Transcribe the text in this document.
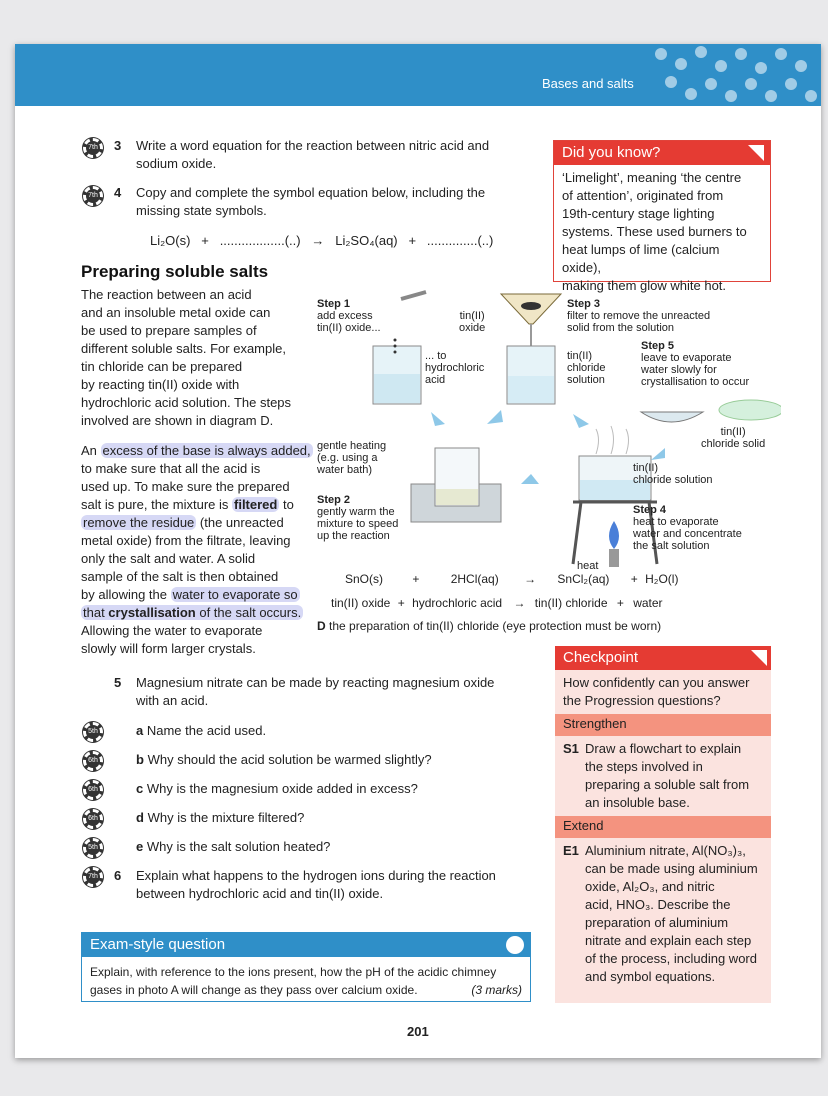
Bases and salts
7th	3 Write a word equation for the reaction between nitric acid and
sodium oxide.
7th	4 Copy and complete the symbol equation below, including the
missing state symbols.
Li₂O(s)   +   ..................(..)   →   Li₂SO₄(aq)   +   ..............(..)
Preparing soluble salts
The reaction between an acid
and an insoluble metal oxide can
be used to prepare samples of
different soluble salts. For example,
tin chloride can be prepared
by reacting tin(II) oxide with
hydrochloric acid solution. The steps
involved are shown in diagram D.
An excess of the base is always added,
to make sure that all the acid is
used up. To make sure the prepared
salt is pure, the mixture is filtered to
remove the residue (the unreacted
metal oxide) from the filtrate, leaving
only the salt and water. A solid
sample of the salt is then obtained
by allowing the water to evaporate so
that crystallisation of the salt occurs.
Allowing the water to evaporate
slowly will form larger crystals.
Did you know?
‘Limelight’, meaning ‘the centre
of attention’, originated from
19th-century stage lighting
systems. These used burners to
heat lumps of lime (calcium oxide),
making them glow white hot.
Step 1
add excess
tin(II) oxide...
tin(II)
oxide
... to
hydrochloric
acid
Step 3
filter to remove the unreacted
solid from the solution
tin(II)
chloride
solution
Step 5
leave to evaporate
water slowly for
crystallisation to occur
tin(II)
chloride solid
gentle heating
(e.g. using a
water bath)
Step 2
gently warm the
mixture to speed
up the reaction
tin(II)
chloride solution
Step 4
heat to evaporate
water and concentrate
the salt solution
heat
SnO(s) +	2HCl(aq) → SnCl₂(aq) + H₂O(l)
tin(II) oxide + hydrochloric acid → tin(II) chloride + water
D the preparation of tin(II) chloride (eye protection must be worn)
5 Magnesium nitrate can be made by reacting magnesium oxide
with an acid.
5th	a Name the acid used.
6th	b Why should the acid solution be warmed slightly?
6th	c Why is the magnesium oxide added in excess?
6th	d Why is the mixture filtered?
5th	e Why is the salt solution heated?
7th	6 Explain what happens to the hydrogen ions during the reaction
between hydrochloric acid and tin(II) oxide.
Exam-style question
Explain, with reference to the ions present, how the pH of the acidic chimney
gases in photo A will change as they pass over calcium oxide.	(3 marks)
Checkpoint
How confidently can you answer
the Progression questions?
Strengthen
S1 Draw a flowchart to explain
the steps involved in
preparing a soluble salt from
an insoluble base.
Extend
E1 Aluminium nitrate, Al(NO₃)₃,
can be made using aluminium
oxide, Al₂O₃, and nitric
acid, HNO₃. Describe the
preparation of aluminium
nitrate and explain each step
of the process, including word
and symbol equations.
201
